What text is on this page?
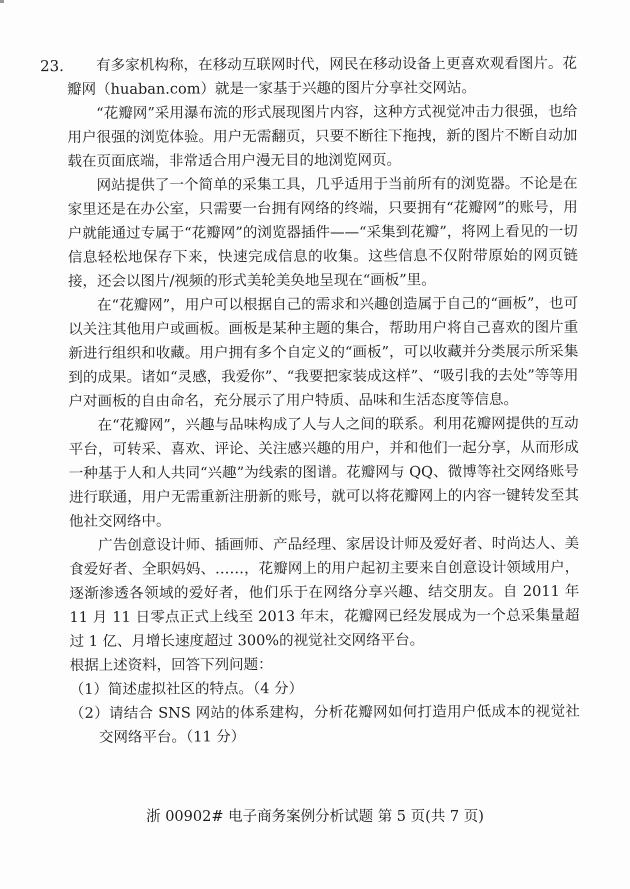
23.	有多家机构称，在移动互联网时代，网民在移动设备上更喜欢观看图片。花瓣网（huaban.com）就是一家基于兴趣的图片分享社交网站。

“花瓣网”采用瀑布流的形式展现图片内容，这种方式视觉冲击力很强，也给用户很强的浏览体验。用户无需翻页，只要不断往下拖拽，新的图片不断自动加载在页面底端，非常适合用户漫无目的地浏览网页。

网站提供了一个简单的采集工具，几乎适用于当前所有的浏览器。不论是在家里还是在办公室，只需要一台拥有网络的终端，只要拥有“花瓣网”的账号，用户就能通过专属于“花瓣网”的浏览器插件——“采集到花瓣”，将网上看见的一切信息轻松地保存下来，快速完成信息的收集。这些信息不仅附带原始的网页链接，还会以图片/视频的形式美轮美奂地呈现在“画板”里。

在“花瓣网”，用户可以根据自己的需求和兴趣创造属于自己的“画板”，也可以关注其他用户或画板。画板是某种主题的集合，帮助用户将自己喜欢的图片重新进行组织和收藏。用户拥有多个自定义的“画板”，可以收藏并分类展示所采集到的成果。诸如“灵感，我爱你”、“我要把家装成这样”、“吸引我的去处”等等用户对画板的自由命名，充分展示了用户特质、品味和生活态度等信息。

在“花瓣网”，兴趣与品味构成了人与人之间的联系。利用花瓣网提供的互动平台，可转采、喜欢、评论、关注感兴趣的用户，并和他们一起分享，从而形成一种基于人和人共同“兴趣”为线索的图谱。花瓣网与 QQ、微博等社交网络账号进行联通，用户无需重新注册新的账号，就可以将花瓣网上的内容一键转发至其他社交网络中。

广告创意设计师、插画师、产品经理、家居设计师及爱好者、时尚达人、美食爱好者、全职妈妈、……，花瓣网上的用户起初主要来自创意设计领域用户，逐渐渗透各领域的爱好者，他们乐于在网络分享兴趣、结交朋友。自 2011 年 11 月 11 日零点正式上线至 2013 年末，花瓣网已经发展成为一个总采集量超过 1 亿、月增长速度超过 300%的视觉社交网络平台。

根据上述资料，回答下列问题：

（1）简述虚拟社区的特点。（4 分）

（2）请结合 SNS 网站的体系建构，分析花瓣网如何打造用户低成本的视觉社交网络平台。（11 分）

浙 00902# 电子商务案例分析试题 第 5 页(共 7 页)
